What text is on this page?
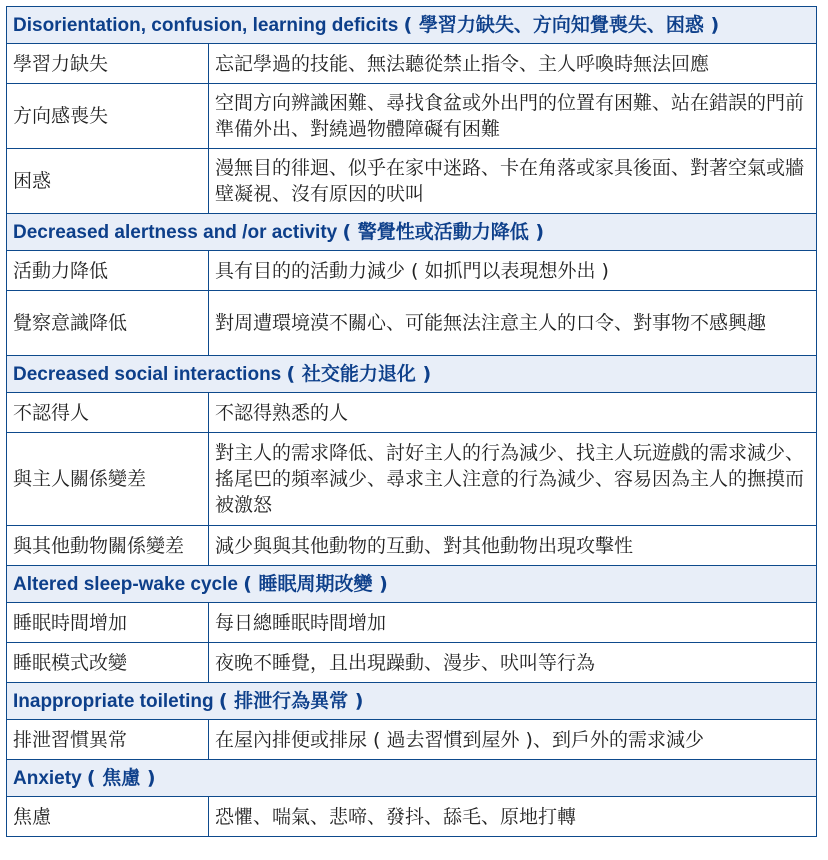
Disorientation, confusion, learning deficits ( 學習力缺失、方向知覺喪失、困惑 )	
學習力缺失	忘記學過的技能、無法聽從禁止指令、主人呼喚時無法回應
方向感喪失	空間方向辨識困難、尋找食盆或外出門的位置有困難、站在錯誤的門前準備外出、對繞過物體障礙有困難
困惑	漫無目的徘迴、似乎在家中迷路、卡在角落或家具後面、對著空氣或牆壁凝視、沒有原因的吠叫
Decreased alertness and /or activity ( 警覺性或活動力降低 )	
活動力降低	具有目的的活動力減少 ( 如抓門以表現想外出 )
覺察意識降低	對周遭環境漠不關心、可能無法注意主人的口令、對事物不感興趣
Decreased social interactions ( 社交能力退化 )	
不認得人	不認得熟悉的人
與主人關係變差	對主人的需求降低、討好主人的行為減少、找主人玩遊戲的需求減少、搖尾巴的頻率減少、尋求主人注意的行為減少、容易因為主人的撫摸而被激怒
與其他動物關係變差	減少與與其他動物的互動、對其他動物出現攻擊性
Altered sleep-wake cycle ( 睡眠周期改變 )	
睡眠時間增加	每日總睡眠時間增加
睡眠模式改變	夜晚不睡覺，且出現躁動、漫步、吠叫等行為
Inappropriate toileting ( 排泄行為異常 )	
排泄習慣異常	在屋內排便或排尿 ( 過去習慣到屋外 )、到戶外的需求減少
Anxiety ( 焦慮 )	
焦慮	恐懼、喘氣、悲啼、發抖、舔毛、原地打轉
